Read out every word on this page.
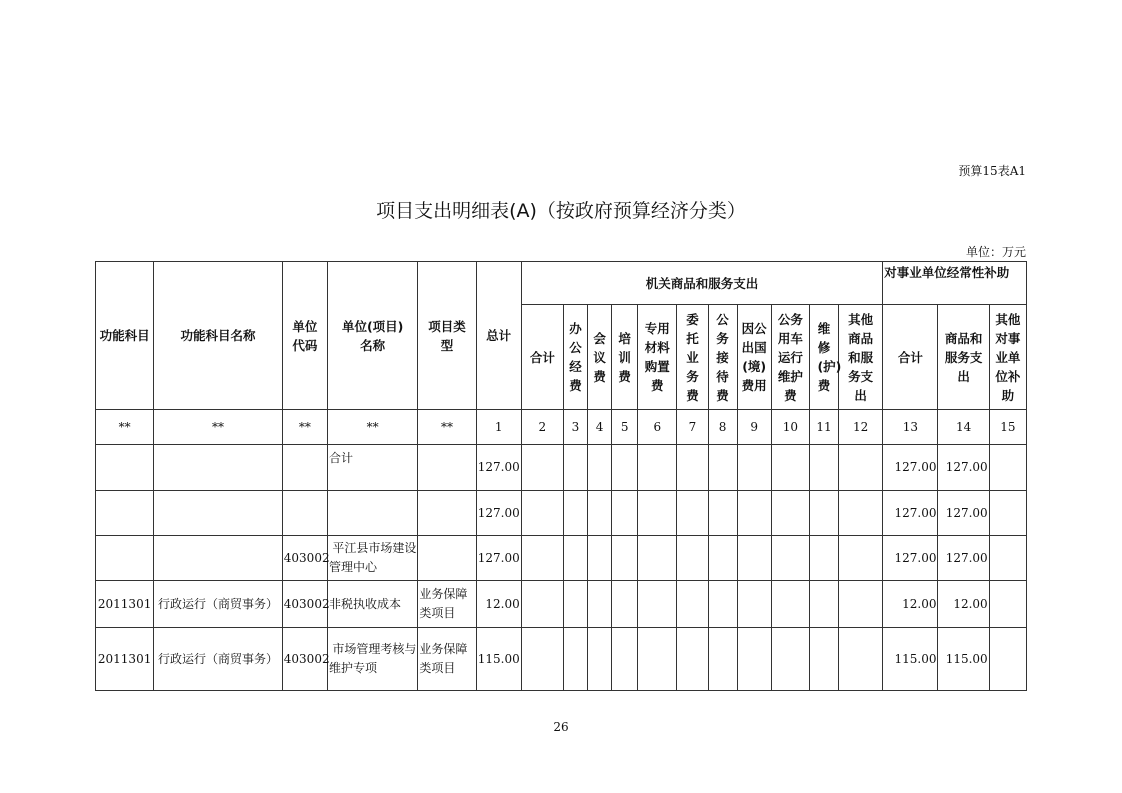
预算15表A1
项目支出明细表(A)（按政府预算经济分类）
单位：万元
功能科目	功能科目名称	单位代码	单位(项目)名称	项目类型	总计	机关商品和服务支出											对事业单位经常性补助		
						合计	办公经费	会议费	培训费	专用材料购置费	委托业务费	公务接待费	因公出国(境)费用	公务用车运行维护费	维修(护)费	其他商品和服务支出	合计	商品和服务支出	其他对事业单位补助
**	**	**	**	**	1	2	3	4	5	6	7	8	9	10	11	12	13	14	15
			合计		127.00												127.00	127.00	
					127.00												127.00	127.00	
		403002	平江县市场建设管理中心		127.00												127.00	127.00	
2011301	行政运行（商贸事务）	403002	非税执收成本	业务保障类项目	12.00												12.00	12.00	
2011301	行政运行（商贸事务）	403002	市场管理考核与维护专项	业务保障类项目	115.00												115.00	115.00	
26
